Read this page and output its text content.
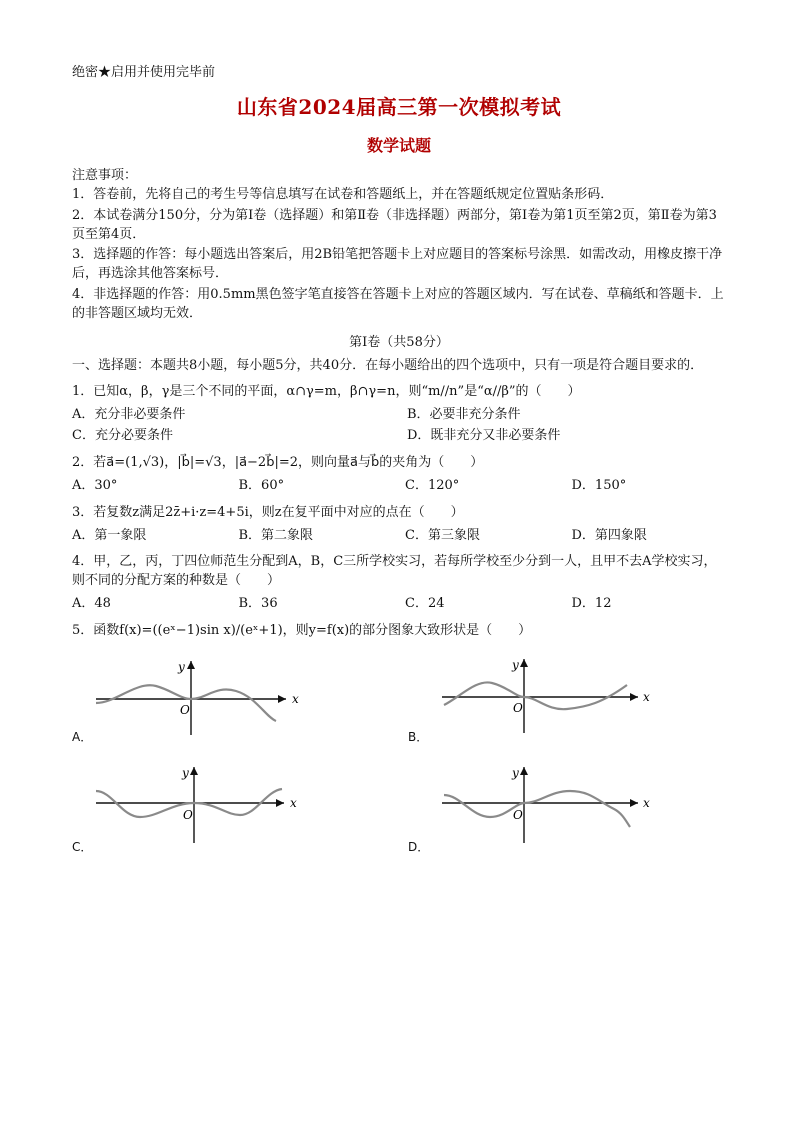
绝密★启用并使用完毕前
山东省2024届高三第一次模拟考试
数学试题
注意事项：
1．答卷前，先将自己的考生号等信息填写在试卷和答题纸上，并在答题纸规定位置贴条形码．
2．本试卷满分150分，分为第Ⅰ卷（选择题）和第Ⅱ卷（非选择题）两部分，第Ⅰ卷为第1页至第2页，第Ⅱ卷为第3页至第4页．
3．选择题的作答：每小题选出答案后，用2B铅笔把答题卡上对应题目的答案标号涂黑．如需改动，用橡皮擦干净后，再选涂其他答案标号．
4．非选择题的作答：用0.5mm黑色签字笔直接答在答题卡上对应的答题区域内．写在试卷、草稿纸和答题卡．上的非答题区域均无效．
第Ⅰ卷（共58分）
一、选择题：本题共8小题，每小题5分，共40分．在每小题给出的四个选项中，只有一项是符合题目要求的．
1．已知α，β，γ是三个不同的平面，α∩γ=m，β∩γ=n，则“m//n”是“α//β”的（　　）
A．充分非必要条件	B．必要非充分条件
C．充分必要条件	D．既非充分又非必要条件
2．若a⃗=(1,√3)，|b⃗|=√3，|a⃗−2b⃗|=2，则向量a⃗与b⃗的夹角为（　　）
A．30°	B．60°	C．120°	D．150°
3．若复数z满足2z̄+i·z=4+5i，则z在复平面中对应的点在（　　）
A．第一象限	B．第二象限	C．第三象限	D．第四象限
4．甲，乙，丙，丁四位师范生分配到A，B，C三所学校实习，若每所学校至少分到一人，且甲不去A学校实习，则不同的分配方案的种数是（　　）
A．48	B．36	C．24	D．12
5．函数f(x)=((eˣ−1)sin x)/(eˣ+1)，则y=f(x)的部分图象大致形状是（　　）
A．
y
x
O
B．
y
x
O
C．
y
x
O
D．
y
x
O
